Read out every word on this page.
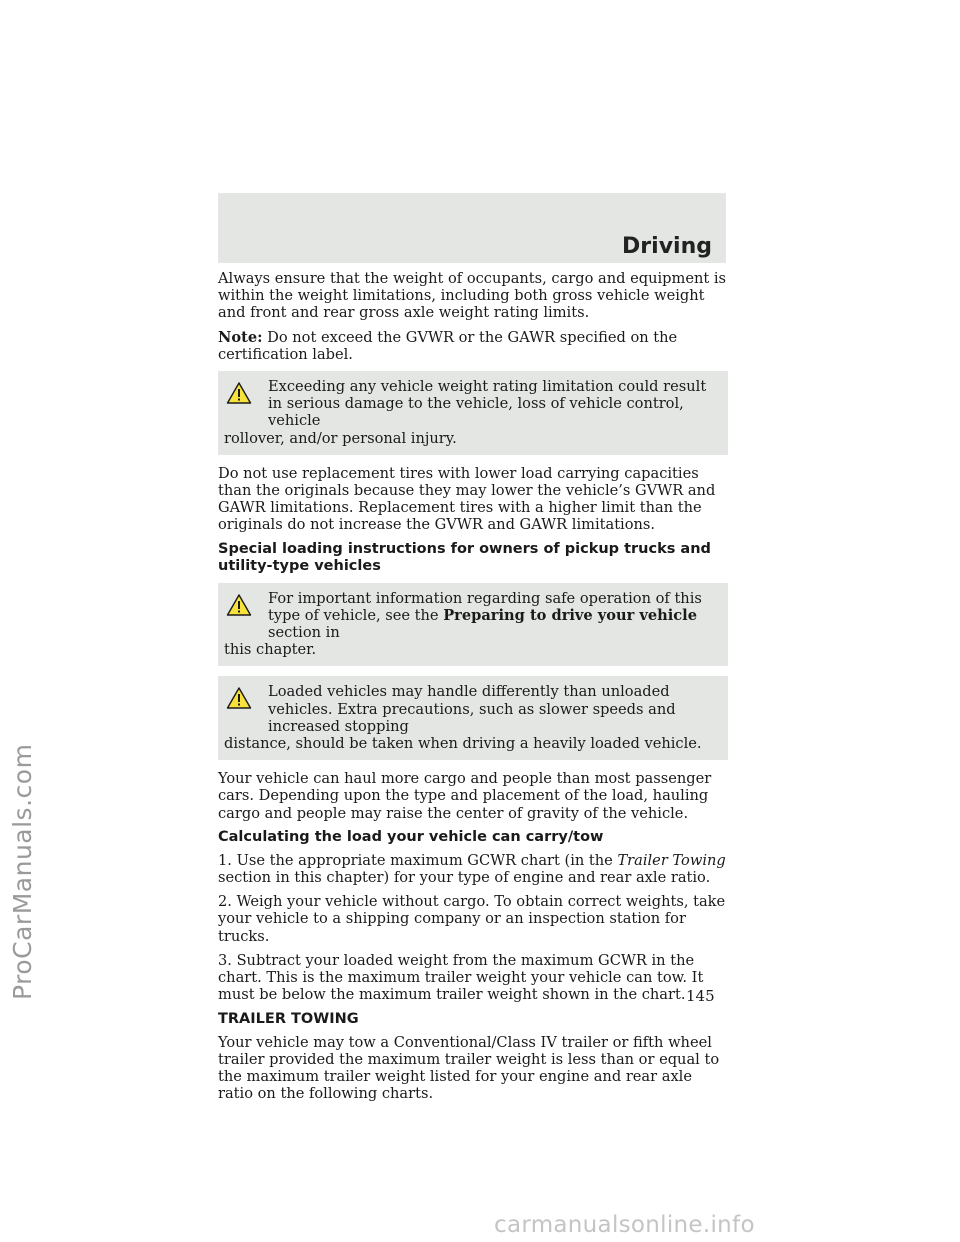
ProCarManuals.com
Driving

Always ensure that the weight of occupants, cargo and equipment is within the weight limitations, including both gross vehicle weight and front and rear gross axle weight rating limits.

Note: Do not exceed the GVWR or the GAWR specified on the certification label.

Exceeding any vehicle weight rating limitation could result in serious damage to the vehicle, loss of vehicle control, vehicle
rollover, and/or personal injury.

Do not use replacement tires with lower load carrying capacities than the originals because they may lower the vehicle’s GVWR and GAWR limitations. Replacement tires with a higher limit than the originals do not increase the GVWR and GAWR limitations.

Special loading instructions for owners of pickup trucks and utility-type vehicles
For important information regarding safe operation of this type of vehicle, see the Preparing to drive your vehicle section in
this chapter.
Loaded vehicles may handle differently than unloaded vehicles. Extra precautions, such as slower speeds and increased stopping
distance, should be taken when driving a heavily loaded vehicle.

Your vehicle can haul more cargo and people than most passenger cars. Depending upon the type and placement of the load, hauling cargo and people may raise the center of gravity of the vehicle.

Calculating the load your vehicle can carry/tow

1. Use the appropriate maximum GCWR chart (in the Trailer Towing section in this chapter) for your type of engine and rear axle ratio.

2. Weigh your vehicle without cargo. To obtain correct weights, take your vehicle to a shipping company or an inspection station for trucks.

3. Subtract your loaded weight from the maximum GCWR in the chart. This is the maximum trailer weight your vehicle can tow. It must be below the maximum trailer weight shown in the chart.

TRAILER TOWING

Your vehicle may tow a Conventional/Class IV trailer or fifth wheel trailer provided the maximum trailer weight is less than or equal to the maximum trailer weight listed for your engine and rear axle ratio on the following charts.

145
carmanualsonline.info
